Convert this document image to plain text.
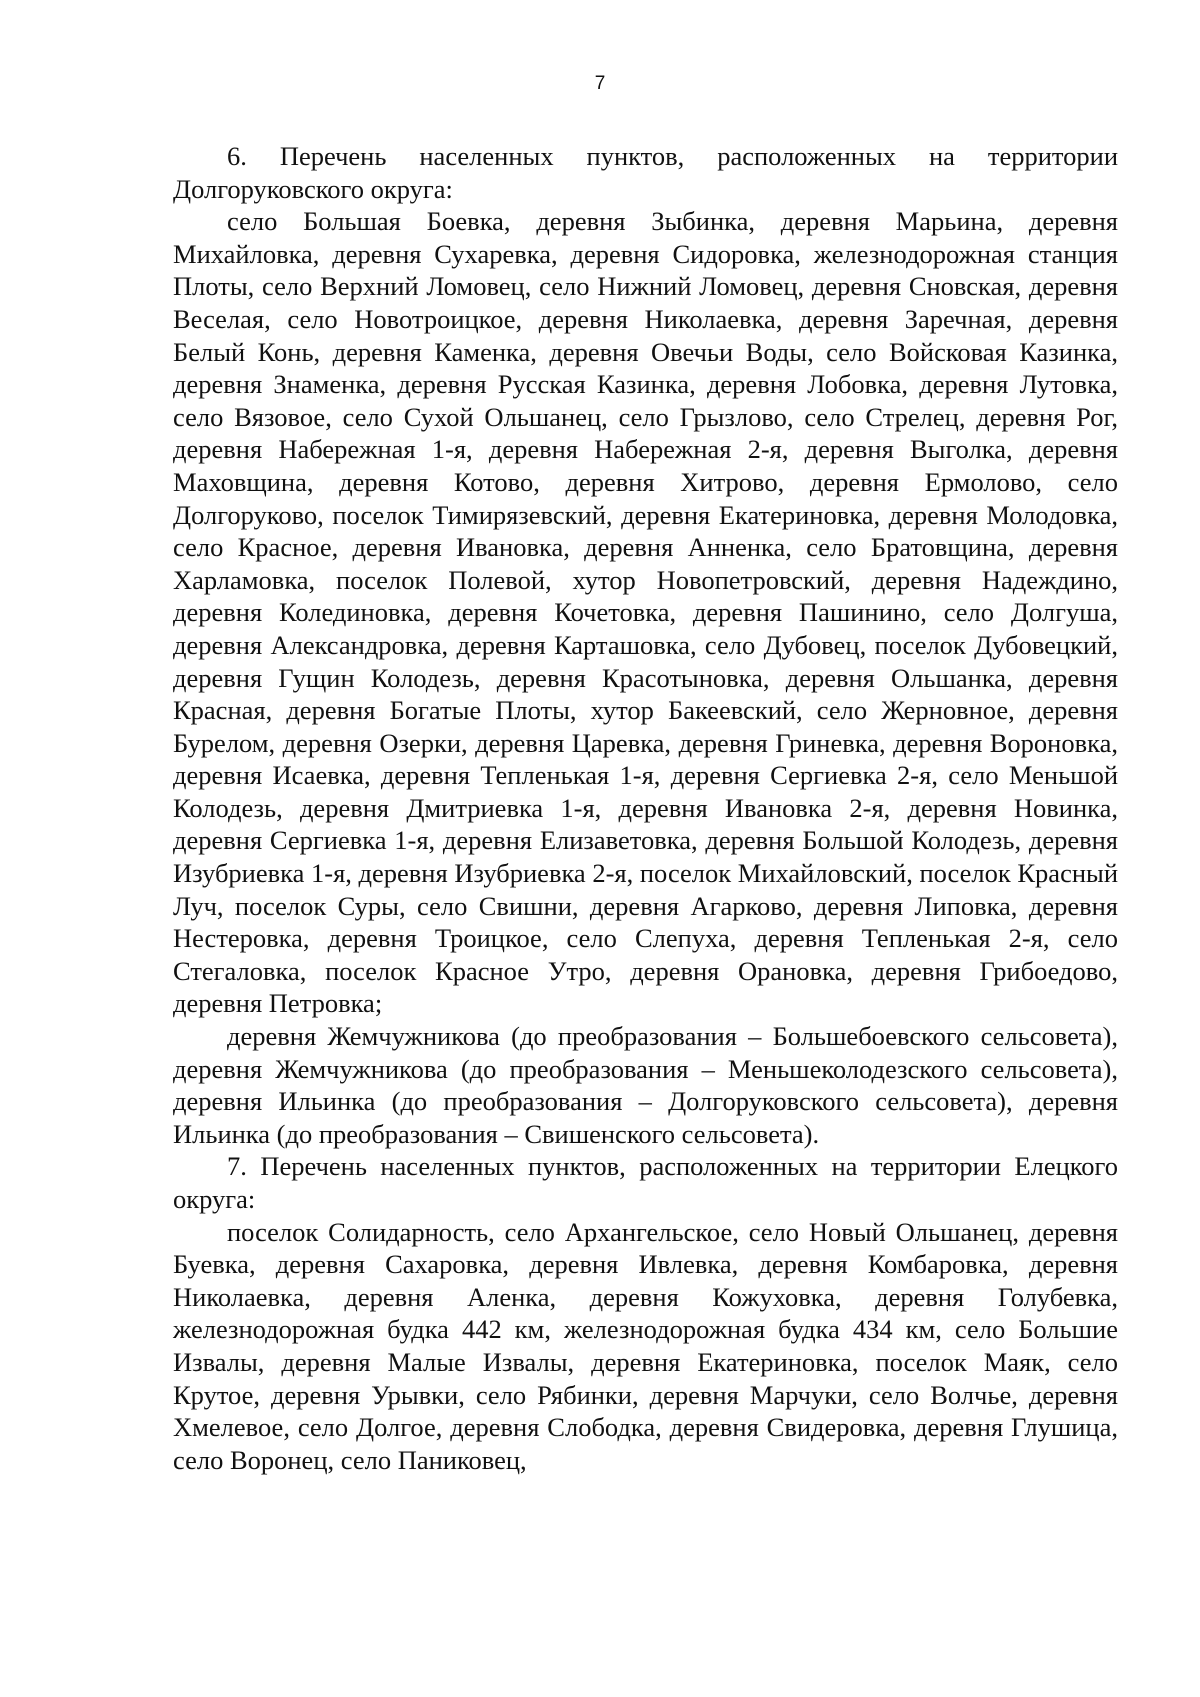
7

6. Перечень населенных пунктов, расположенных на территории Долгоруковского округа:

село Большая Боевка, деревня Зыбинка, деревня Марьина, деревня Михайловка, деревня Сухаревка, деревня Сидоровка, железнодорожная станция Плоты, село Верхний Ломовец, село Нижний Ломовец, деревня Сновская, деревня Веселая, село Новотроицкое, деревня Николаевка, деревня Заречная, деревня Белый Конь, деревня Каменка, деревня Овечьи Воды, село Войсковая Казинка, деревня Знаменка, деревня Русская Казинка, деревня Лобовка, деревня Лутовка, село Вязовое, село Сухой Ольшанец, село Грызлово, село Стрелец, деревня Рог, деревня Набережная 1-я, деревня Набережная 2-я, деревня Выголка, деревня Маховщина, деревня Котово, деревня Хитрово, деревня Ермолово, село Долгоруково, поселок Тимирязевский, деревня Екатериновка, деревня Молодовка, село Красное, деревня Ивановка, деревня Анненка, село Братовщина, деревня Харламовка, поселок Полевой, хутор Новопетровский, деревня Надеждино, деревня Колединовка, деревня Кочетовка, деревня Пашинино, село Долгуша, деревня Александровка, деревня Карташовка, село Дубовец, поселок Дубовецкий, деревня Гущин Колодезь, деревня Красотыновка, деревня Ольшанка, деревня Красная, деревня Богатые Плоты, хутор Бакеевский, село Жерновное, деревня Бурелом, деревня Озерки, деревня Царевка, деревня Гриневка, деревня Вороновка, деревня Исаевка, деревня Тепленькая 1-я, деревня Сергиевка 2-я, село Меньшой Колодезь, деревня Дмитриевка 1-я, деревня Ивановка 2-я, деревня Новинка, деревня Сергиевка 1-я, деревня Елизаветовка, деревня Большой Колодезь, деревня Изубриевка 1-я, деревня Изубриевка 2-я, поселок Михайловский, поселок Красный Луч, поселок Суры, село Свишни, деревня Агарково, деревня Липовка, деревня Нестеровка, деревня Троицкое, село Слепуха, деревня Тепленькая 2-я, село Стегаловка, поселок Красное Утро, деревня Орановка, деревня Грибоедово, деревня Петровка;

деревня Жемчужникова (до преобразования – Большебоевского сельсовета), деревня Жемчужникова (до преобразования – Меньшеколодезского сельсовета), деревня Ильинка (до преобразования – Долгоруковского сельсовета), деревня Ильинка (до преобразования – Свишенского сельсовета).

7. Перечень населенных пунктов, расположенных на территории Елецкого округа:

поселок Солидарность, село Архангельское, село Новый Ольшанец, деревня Буевка, деревня Сахаровка, деревня Ивлевка, деревня Комбаровка, деревня Николаевка, деревня Аленка, деревня Кожуховка, деревня Голубевка, железнодорожная будка 442 км, железнодорожная будка 434 км, село Большие Извалы, деревня Малые Извалы, деревня Екатериновка, поселок Маяк, село Крутое, деревня Урывки, село Рябинки, деревня Марчуки, село Волчье, деревня Хмелевое, село Долгое, деревня Слободка, деревня Свидеровка, деревня Глушица, село Воронец, село Паниковец,
